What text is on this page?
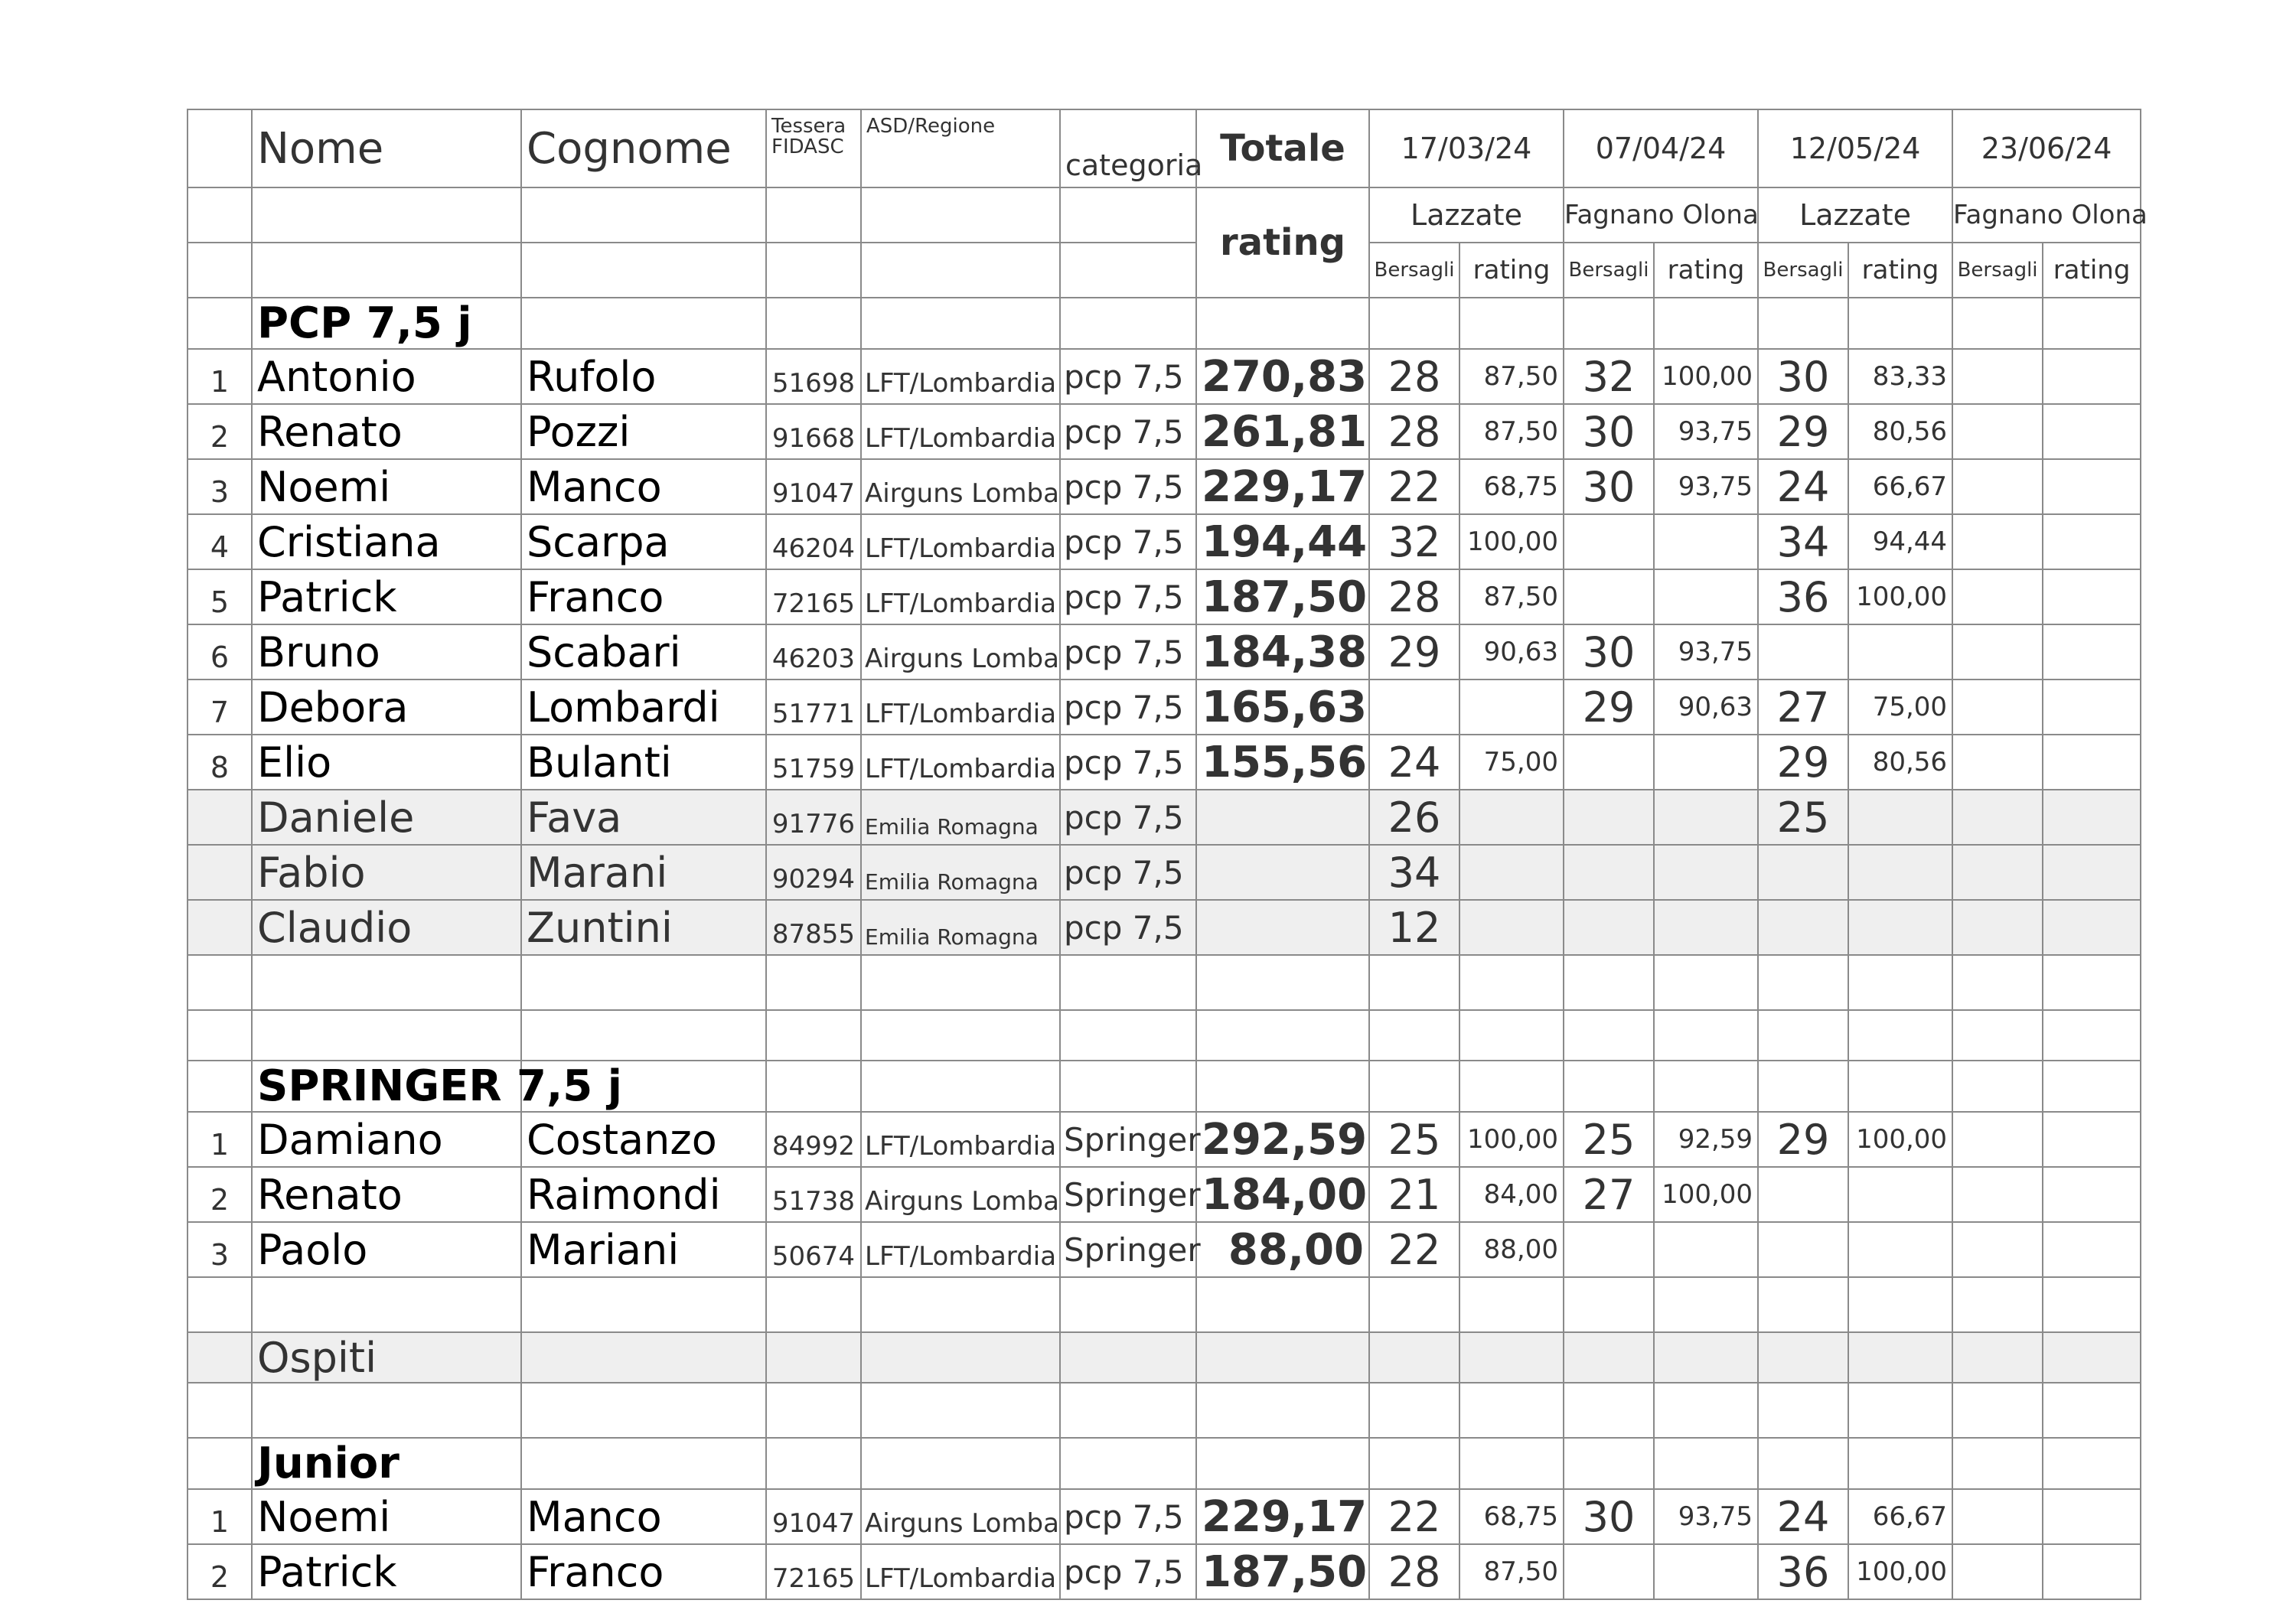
	Nome	Cognome	Tessera FIDASC	ASD/Regione	categoria	Totale	17/03/24		07/04/24		12/05/24		23/06/24	
						rating	Lazzate		Fagnano Olona		Lazzate		Fagnano Olona	
							Bersagli	rating	Bersagli	rating	Bersagli	rating	Bersagli	rating
	PCP 7,5 j													
1	Antonio	Rufolo	51698	LFT/Lombardia	pcp 7,5	270,83	28	87,50	32	100,00	30	83,33		
2	Renato	Pozzi	91668	LFT/Lombardia	pcp 7,5	261,81	28	87,50	30	93,75	29	80,56		
3	Noemi	Manco	91047	Airguns Lomba	pcp 7,5	229,17	22	68,75	30	93,75	24	66,67		
4	Cristiana	Scarpa	46204	LFT/Lombardia	pcp 7,5	194,44	32	100,00			34	94,44		
5	Patrick	Franco	72165	LFT/Lombardia	pcp 7,5	187,50	28	87,50			36	100,00		
6	Bruno	Scabari	46203	Airguns Lomba	pcp 7,5	184,38	29	90,63	30	93,75				
7	Debora	Lombardi	51771	LFT/Lombardia	pcp 7,5	165,63			29	90,63	27	75,00		
8	Elio	Bulanti	51759	LFT/Lombardia	pcp 7,5	155,56	24	75,00			29	80,56		
	Daniele	Fava	91776	Emilia Romagna	pcp 7,5		26				25			
	Fabio	Marani	90294	Emilia Romagna	pcp 7,5		34							
	Claudio	Zuntini	87855	Emilia Romagna	pcp 7,5		12							

	SPRINGER 7,5 j													
1	Damiano	Costanzo	84992	LFT/Lombardia	Springer	292,59	25	100,00	25	92,59	29	100,00		
2	Renato	Raimondi	51738	Airguns Lomba	Springer	184,00	21	84,00	27	100,00				
3	Paolo	Mariani	50674	LFT/Lombardia	Springer	88,00	22	88,00						

	Ospiti													

	Junior													
1	Noemi	Manco	91047	Airguns Lomba	pcp 7,5	229,17	22	68,75	30	93,75	24	66,67		
2	Patrick	Franco	72165	LFT/Lombardia	pcp 7,5	187,50	28	87,50			36	100,00		
